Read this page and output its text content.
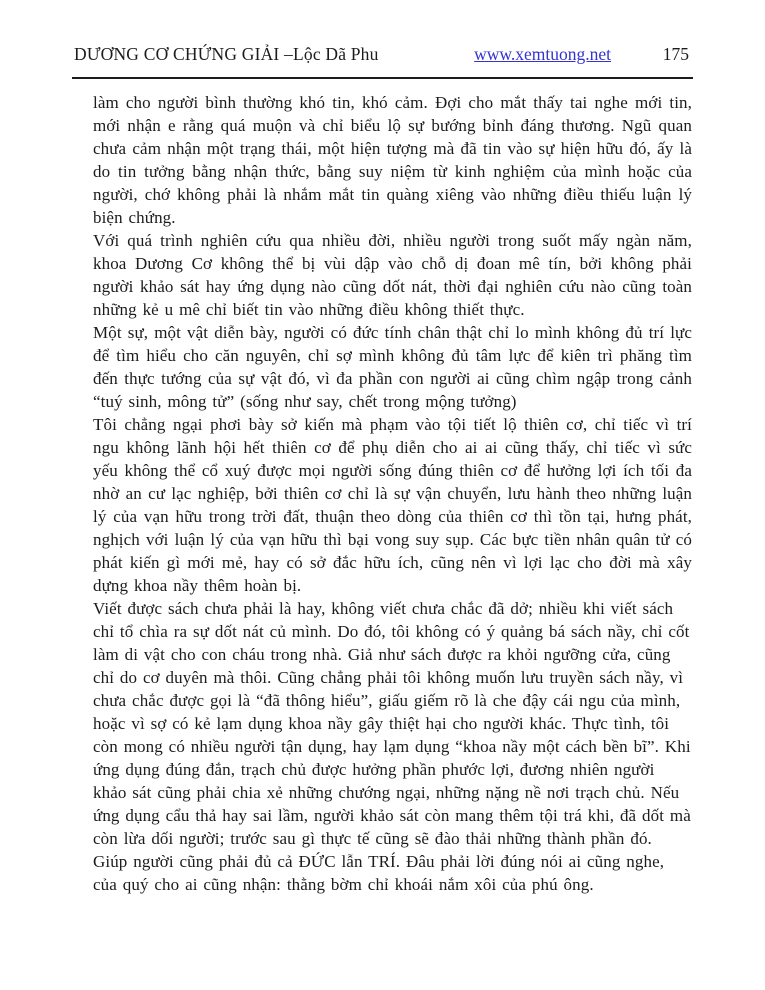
DƯƠNG CƠ CHỨNG GIẢI –Lộc Dã Phu	www.xemtuong.net	175

làm cho người bình thường khó tin, khó cảm. Đợi cho mắt thấy tai nghe mới tin, mới nhận e rằng quá muộn và chỉ biểu lộ sự bướng bỉnh đáng thương. Ngũ quan chưa cảm nhận một trạng thái, một hiện tượng mà đã tin vào sự hiện hữu đó, ấy là do tin tưởng bằng nhận thức, bằng suy niệm từ kinh nghiệm của mình hoặc của người, chớ không phải là nhắm mắt tin quàng xiêng vào những điều thiếu luận lý biện chứng.

Với quá trình nghiên cứu qua nhiều đời, nhiều người trong suốt mấy ngàn năm, khoa Dương Cơ không thể bị vùi dập vào chỗ dị đoan mê tín, bởi không phải người khảo sát hay ứng dụng nào cũng dốt nát, thời đại nghiên cứu nào cũng toàn những kẻ u mê chỉ biết tin vào những điều không thiết thực.

Một sự, một vật diễn bày, người có đức tính chân thật chỉ lo mình không đủ trí lực để tìm hiểu cho căn nguyên, chỉ sợ mình không đủ tâm lực để kiên trì phăng tìm đến thực tướng của sự vật đó, vì đa phần con người ai cũng chìm ngập trong cảnh “tuý sinh, mông tử” (sống như say, chết trong mộng tưởng)

Tôi chẳng ngại phơi bày sở kiến mà phạm vào tội tiết lộ thiên cơ, chỉ tiếc vì trí ngu không lãnh hội hết thiên cơ để phụ diễn cho ai ai cũng thấy, chỉ tiếc vì sức yếu không thể cổ xuý được mọi người sống đúng thiên cơ để hưởng lợi ích tối đa nhờ an cư lạc nghiệp, bởi thiên cơ chỉ là sự vận chuyển, lưu hành theo những luận lý của vạn hữu trong trời đất, thuận theo dòng của thiên cơ thì tồn tại, hưng phát, nghịch với luận lý của vạn hữu thì bại vong suy sụp. Các bực tiền nhân quân tử có phát kiến gì mới mẻ, hay có sở đắc hữu ích, cũng nên vì lợi lạc cho đời mà xây dựng khoa nầy thêm hoàn bị.

Viết được sách chưa phải là hay, không viết chưa chắc đã dở; nhiều khi viết sách chỉ tổ chìa ra sự dốt nát củ mình. Do đó, tôi không có ý quảng bá sách nầy, chỉ cốt làm di vật cho con cháu trong nhà. Giả như sách được ra khỏi ngưỡng cửa, cũng chỉ do cơ duyên mà thôi. Cũng chẳng phải tôi không muốn lưu truyền sách nầy, vì chưa chắc được gọi là “đã thông hiểu”, giấu giếm rõ là che đậy cái ngu của mình, hoặc vì sợ có kẻ lạm dụng khoa nầy gây thiệt hại cho người khác. Thực tình, tôi còn mong có nhiều người tận dụng, hay lạm dụng “khoa nầy một cách bền bĩ”. Khi ứng dụng đúng đắn, trạch chủ được hưởng phần phước lợi, đương nhiên người khảo sát cũng phải chia xẻ những chướng ngại, những nặng nề nơi trạch chủ. Nếu ứng dụng cẩu thả hay sai lầm, người khảo sát còn mang thêm tội trá khi, đã dốt mà còn lừa dối người; trước sau gì thực tế cũng sẽ đào thải những thành phần đó. Giúp người cũng phải đủ cả ĐỨC lẫn TRÍ. Đâu phải lời đúng nói ai cũng nghe, của quý cho ai cũng nhận: thằng bờm chỉ khoái nắm xôi của phú ông.
